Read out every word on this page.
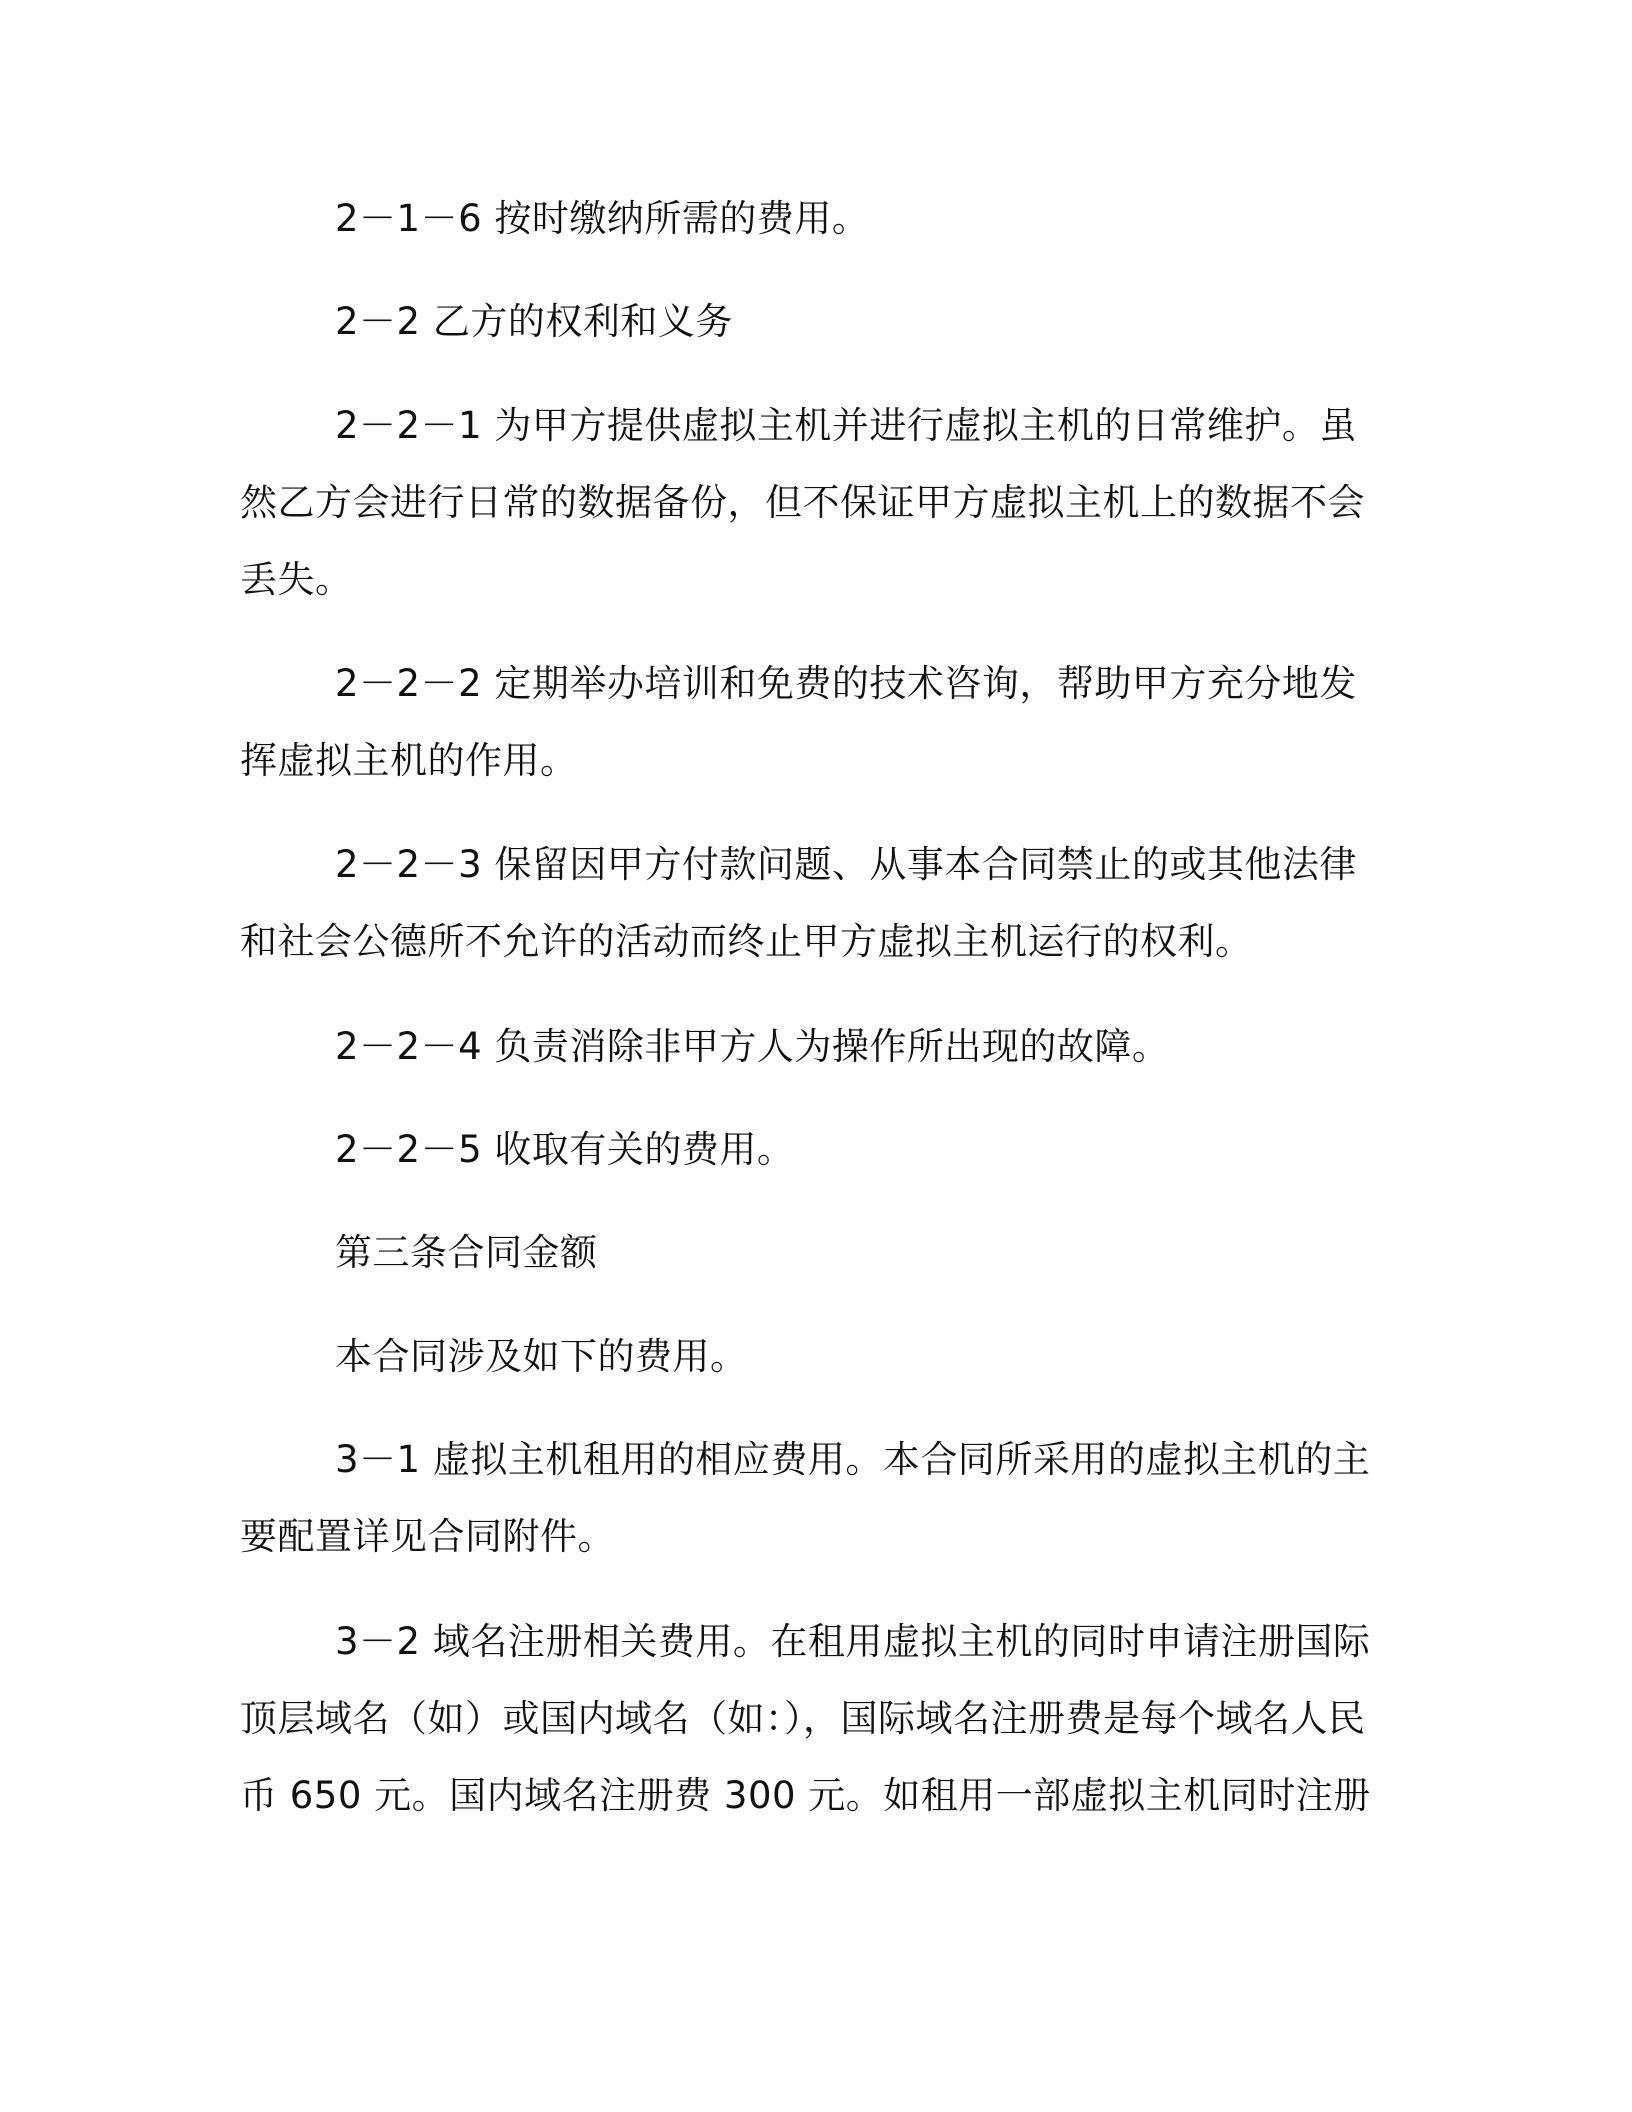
2－1－6 按时缴纳所需的费用。

2－2 乙方的权利和义务

2－2－1 为甲方提供虚拟主机并进行虚拟主机的日常维护。虽然乙方会进行日常的数据备份，但不保证甲方虚拟主机上的数据不会丢失。

2－2－2 定期举办培训和免费的技术咨询，帮助甲方充分地发挥虚拟主机的作用。

2－2－3 保留因甲方付款问题、从事本合同禁止的或其他法律和社会公德所不允许的活动而终止甲方虚拟主机运行的权利。

2－2－4 负责消除非甲方人为操作所出现的故障。

2－2－5 收取有关的费用。

第三条合同金额

本合同涉及如下的费用。

3－1 虚拟主机租用的相应费用。本合同所采用的虚拟主机的主要配置详见合同附件。

3－2 域名注册相关费用。在租用虚拟主机的同时申请注册国际顶层域名（如）或国内域名（如：），国际域名注册费是每个域名人民币 650 元。国内域名注册费 300 元。如租用一部虚拟主机同时注册
